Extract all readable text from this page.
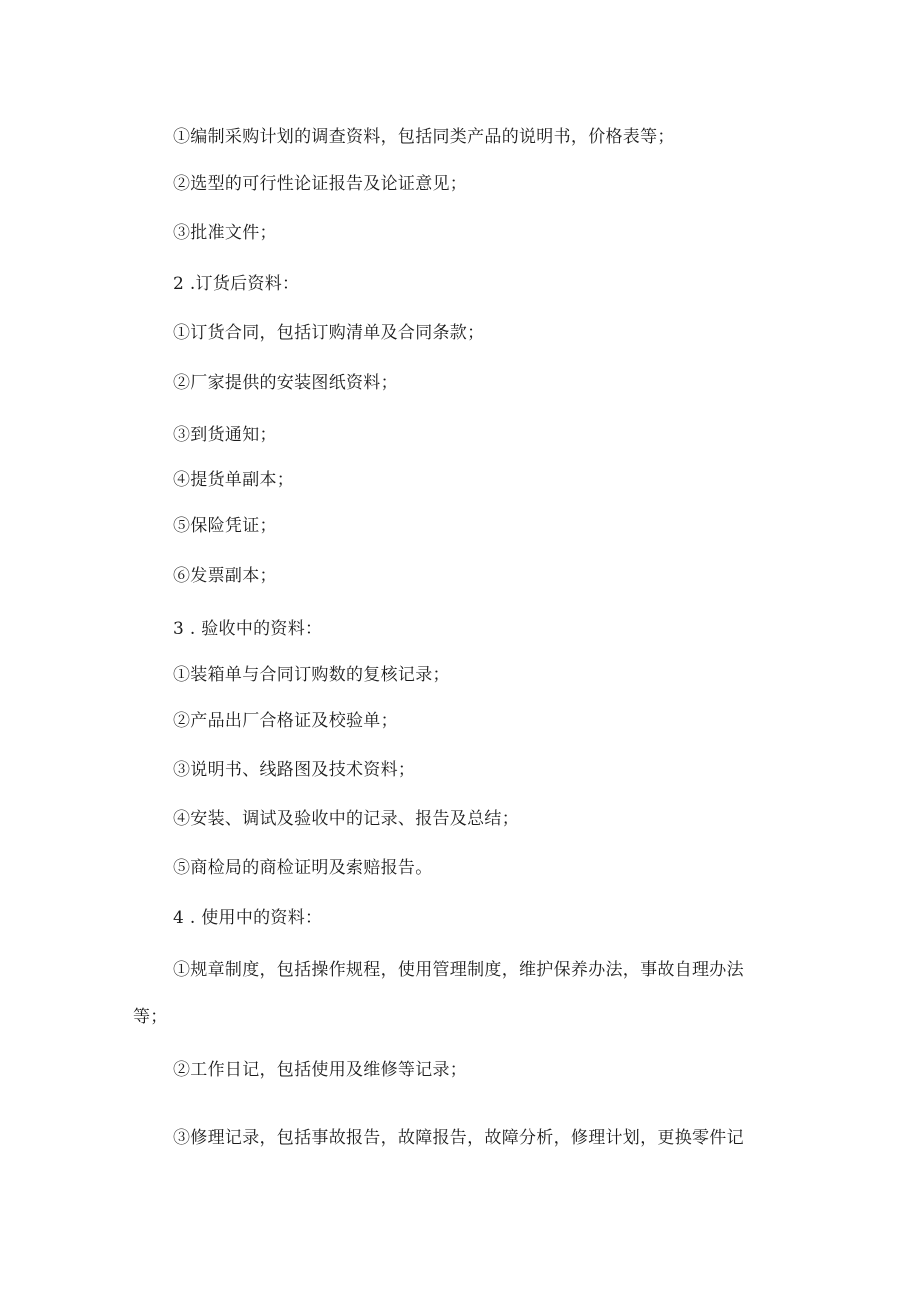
①编制采购计划的调查资料，包括同类产品的说明书，价格表等；
②选型的可行性论证报告及论证意见；
③批准文件；
2 .订货后资料：
①订货合同，包括订购清单及合同条款；
②厂家提供的安装图纸资料；
③到货通知；
④提货单副本；
⑤保险凭证；
⑥发票副本；
3 . 验收中的资料：
①装箱单与合同订购数的复核记录；
②产品出厂合格证及校验单；
③说明书、线路图及技术资料；
④安装、调试及验收中的记录、报告及总结；
⑤商检局的商检证明及索赔报告。
4 . 使用中的资料：
①规章制度，包括操作规程，使用管理制度，维护保养办法，事故自理办法
等；
②工作日记，包括使用及维修等记录；
③修理记录，包括事故报告，故障报告，故障分析，修理计划，更换零件记
